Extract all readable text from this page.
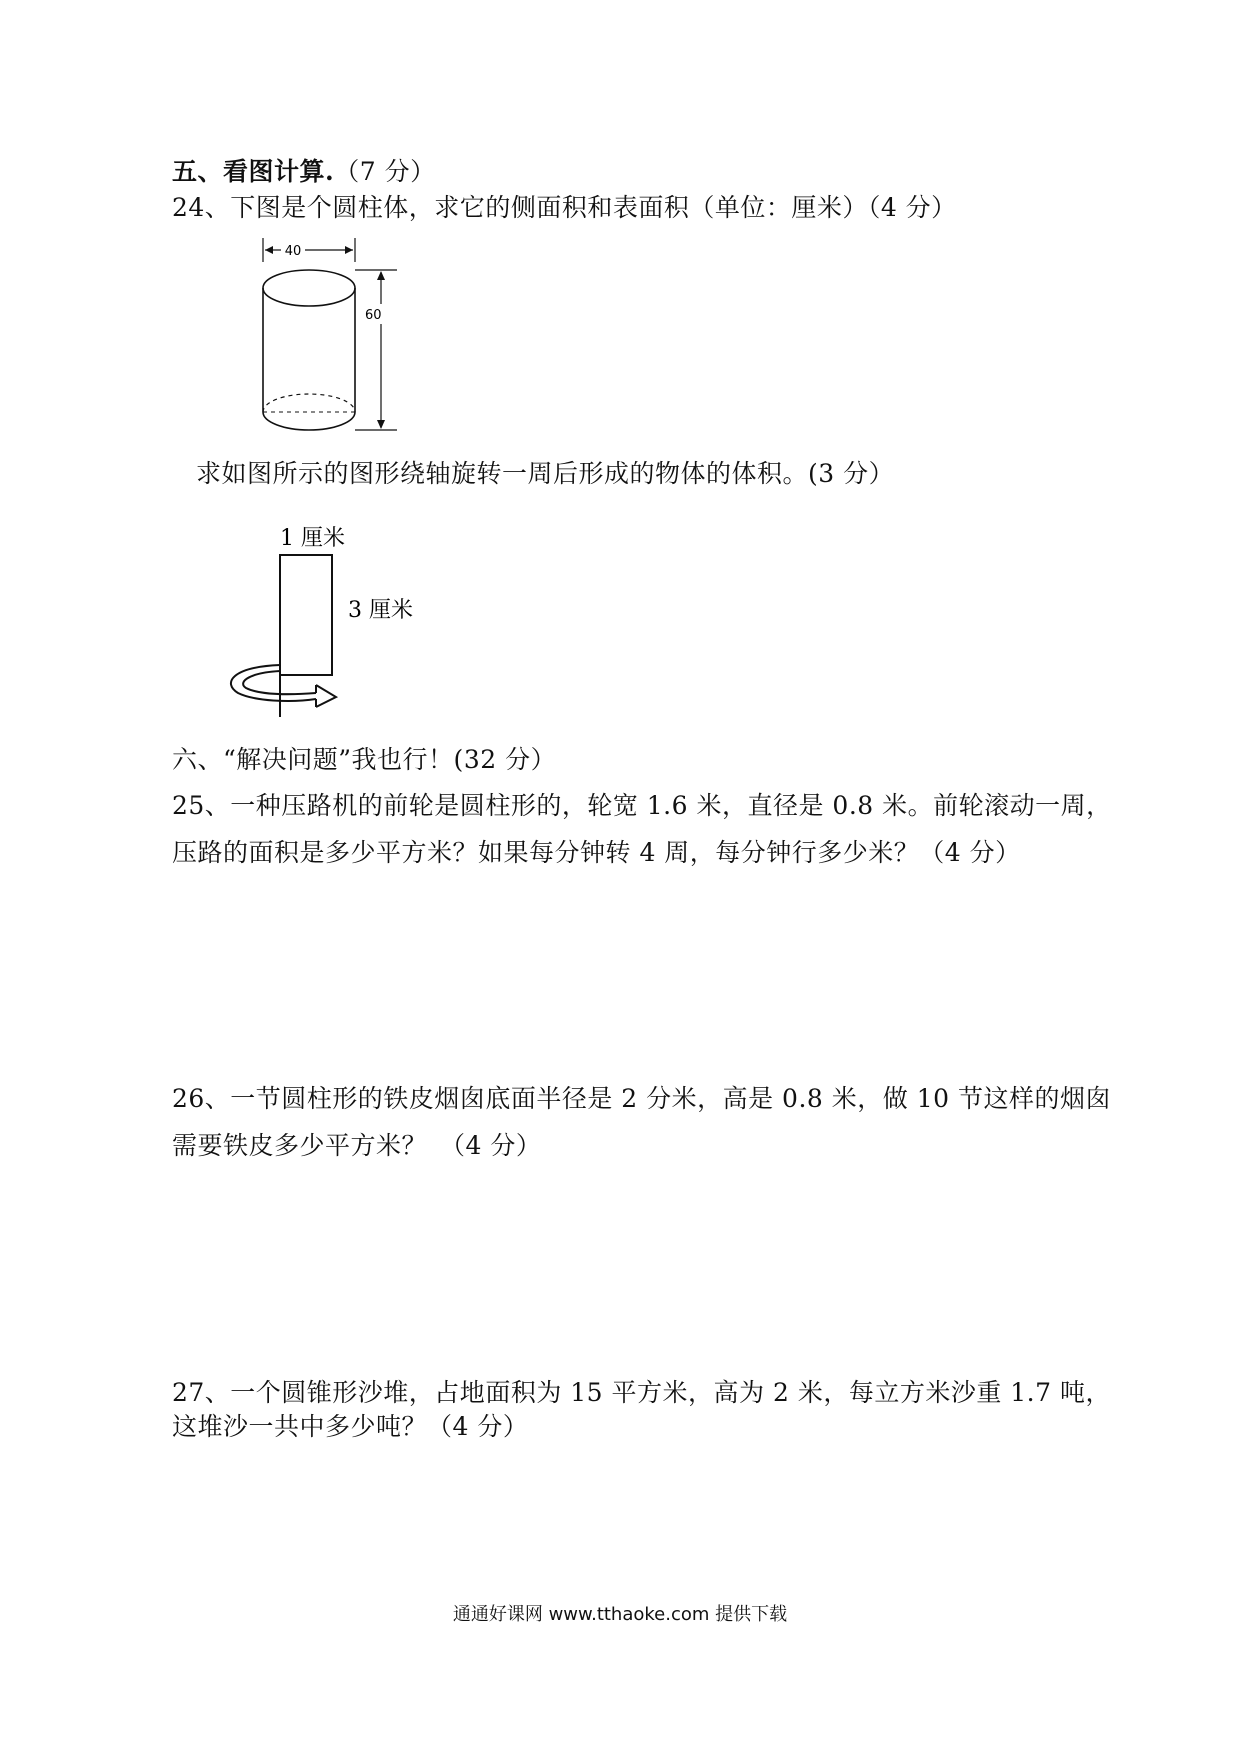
五、看图计算.（7 分）
24、下图是个圆柱体，求它的侧面积和表面积（单位：厘米）（4 分）
40
60
求如图所示的图形绕轴旋转一周后形成的物体的体积。(3 分）
1 厘米
3 厘米
六、“解决问题”我也行！(32 分）
25、一种压路机的前轮是圆柱形的，轮宽 1.6 米，直径是 0.8 米。前轮滚动一周，
压路的面积是多少平方米？如果每分钟转 4 周，每分钟行多少米？（4 分）
26、一节圆柱形的铁皮烟囱底面半径是 2 分米，高是 0.8 米，做 10 节这样的烟囱
需要铁皮多少平方米？　（4 分）
27、一个圆锥形沙堆，占地面积为 15 平方米，高为 2 米，每立方米沙重 1.7 吨，
这堆沙一共中多少吨？（4 分）
通通好课网 www.tthaoke.com 提供下载
